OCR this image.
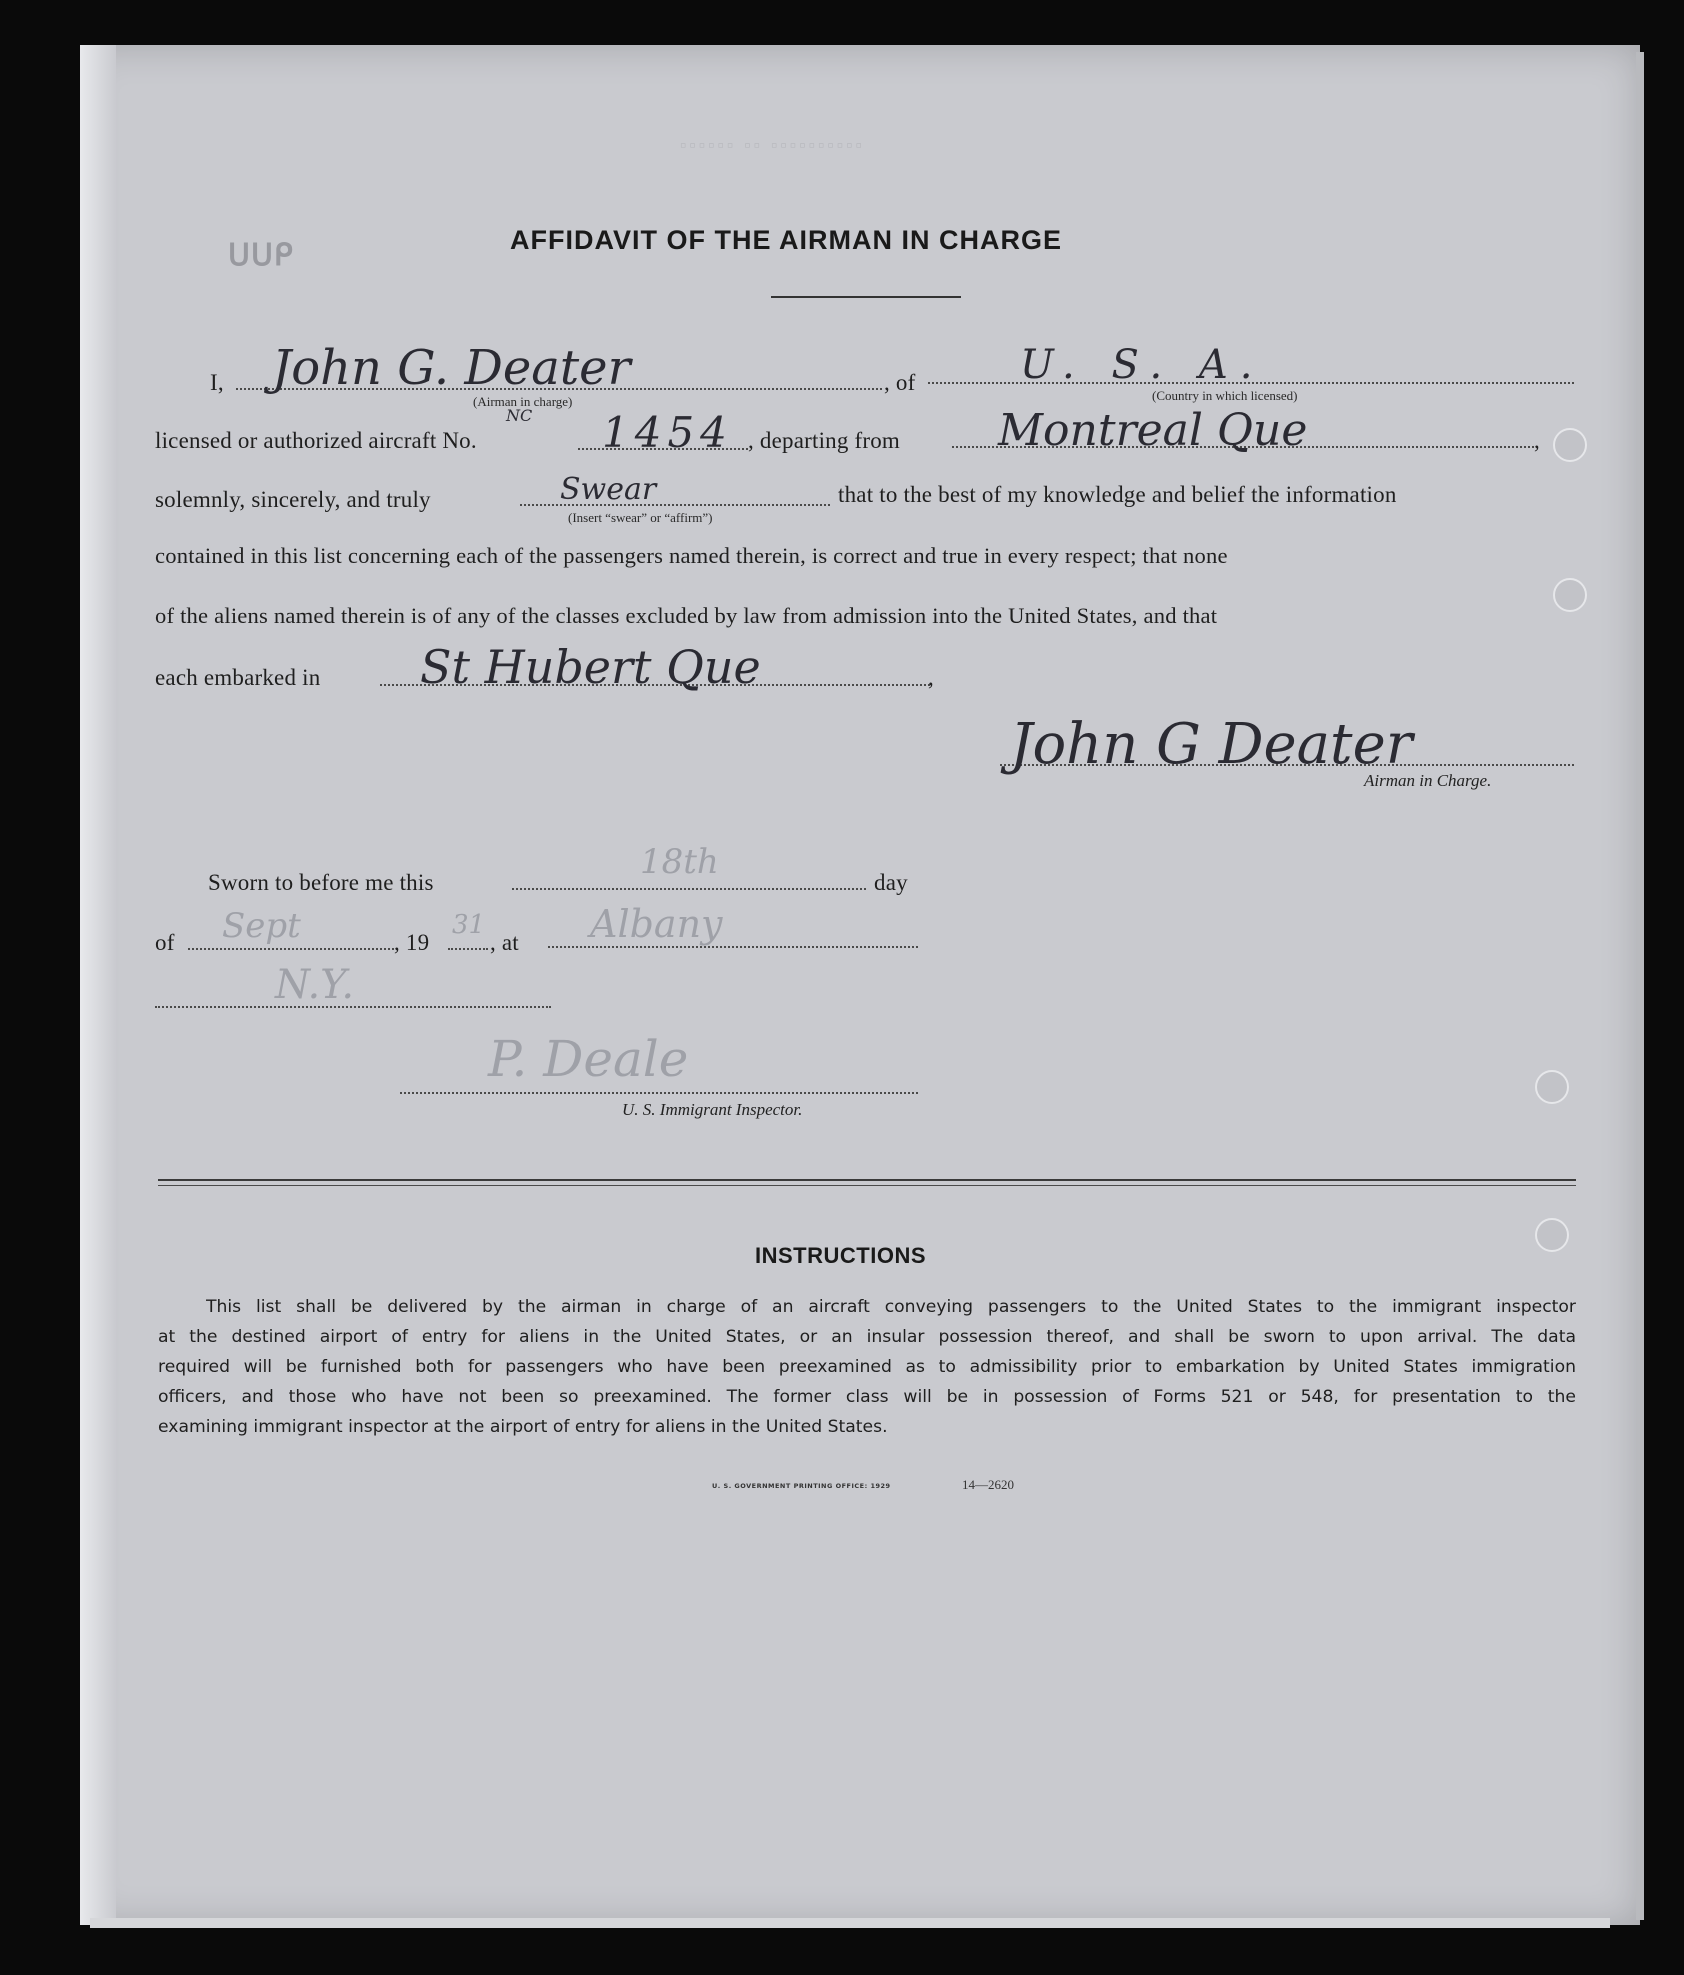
▫▫▫▫▫▫ ▫▫ ▫▫▫▫▫▫▫▫▫▫
ᑌᑌᑭ	AFFIDAVIT OF THE AIRMAN IN CHARGE
I, John G. Deater
(Airman in charge)
, of	U. S. A.
(Country in which licensed)
licensed or authorized aircraft No.
NC 1454 , departing from Montreal Que	,
solemnly, sincerely, and truly	Swear
(Insert “swear” or “affirm”)
that to the best of my knowledge and belief the information
contained in this list concerning each of the passengers named therein, is correct and true in every respect; that none
of the aliens named therein is of any of the classes excluded by law from admission into the United States, and that
each embarked in St Hubert Que	,
John G Deater
Airman in Charge.
Sworn to before me this
18th
day
of Sept	, 19
31
, at Albany
N.Y.
P. Deale
U. S. Immigrant Inspector.
INSTRUCTIONS
This list shall be delivered by the airman in charge of an aircraft conveying passengers to the United States to the immigrant inspector
at the destined airport of entry for aliens in the United States, or an insular possession thereof, and shall be sworn to upon arrival. The data
required will be furnished both for passengers who have been preexamined as to admissibility prior to embarkation by United States immigration
officers, and those who have not been so preexamined. The former class will be in possession of Forms 521 or 548, for presentation to the
examining immigrant inspector at the airport of entry for aliens in the United States.
U. S. GOVERNMENT PRINTING OFFICE: 1929	14—2620
